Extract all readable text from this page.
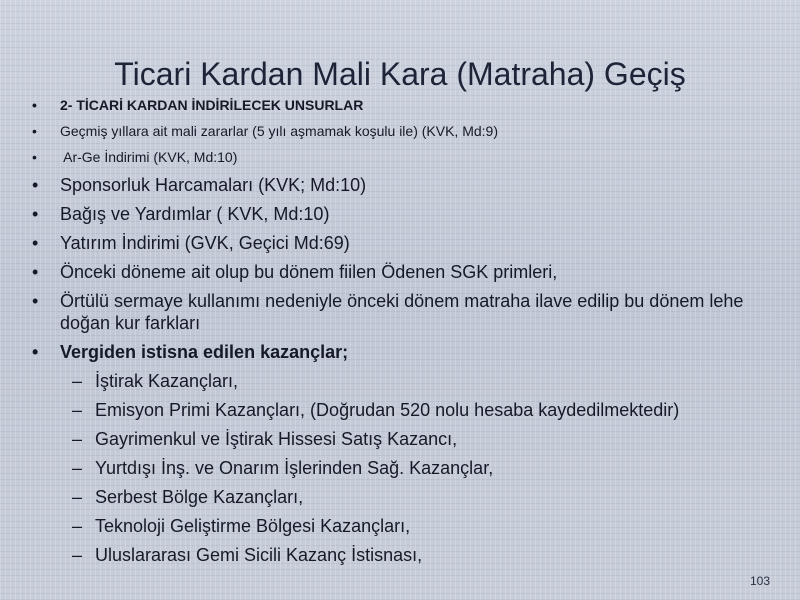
Ticari Kardan Mali Kara (Matraha) Geçiş
• 2- TİCARİ KARDAN İNDİRİLECEK UNSURLAR
• Geçmiş yıllara ait mali zararlar (5 yılı aşmamak koşulu ile) (KVK, Md:9)
•  Ar-Ge İndirimi (KVK, Md:10)
• Sponsorluk Harcamaları (KVK; Md:10)
• Bağış ve Yardımlar ( KVK, Md:10)
• Yatırım İndirimi (GVK, Geçici Md:69)
• Önceki döneme ait olup bu dönem fiilen Ödenen SGK primleri,
• Örtülü sermaye kullanımı nedeniyle önceki dönem matraha ilave edilip bu dönem lehe doğan kur farkları
• Vergiden istisna edilen kazançlar;
– İştirak Kazançları,
– Emisyon Primi Kazançları, (Doğrudan 520 nolu hesaba kaydedilmektedir)
– Gayrimenkul ve İştirak Hissesi Satış Kazancı,
– Yurtdışı İnş. ve Onarım İşlerinden Sağ. Kazançlar,
– Serbest Bölge Kazançları,
– Teknoloji Geliştirme Bölgesi Kazançları,
– Uluslararası Gemi Sicili Kazanç İstisnası,
103
